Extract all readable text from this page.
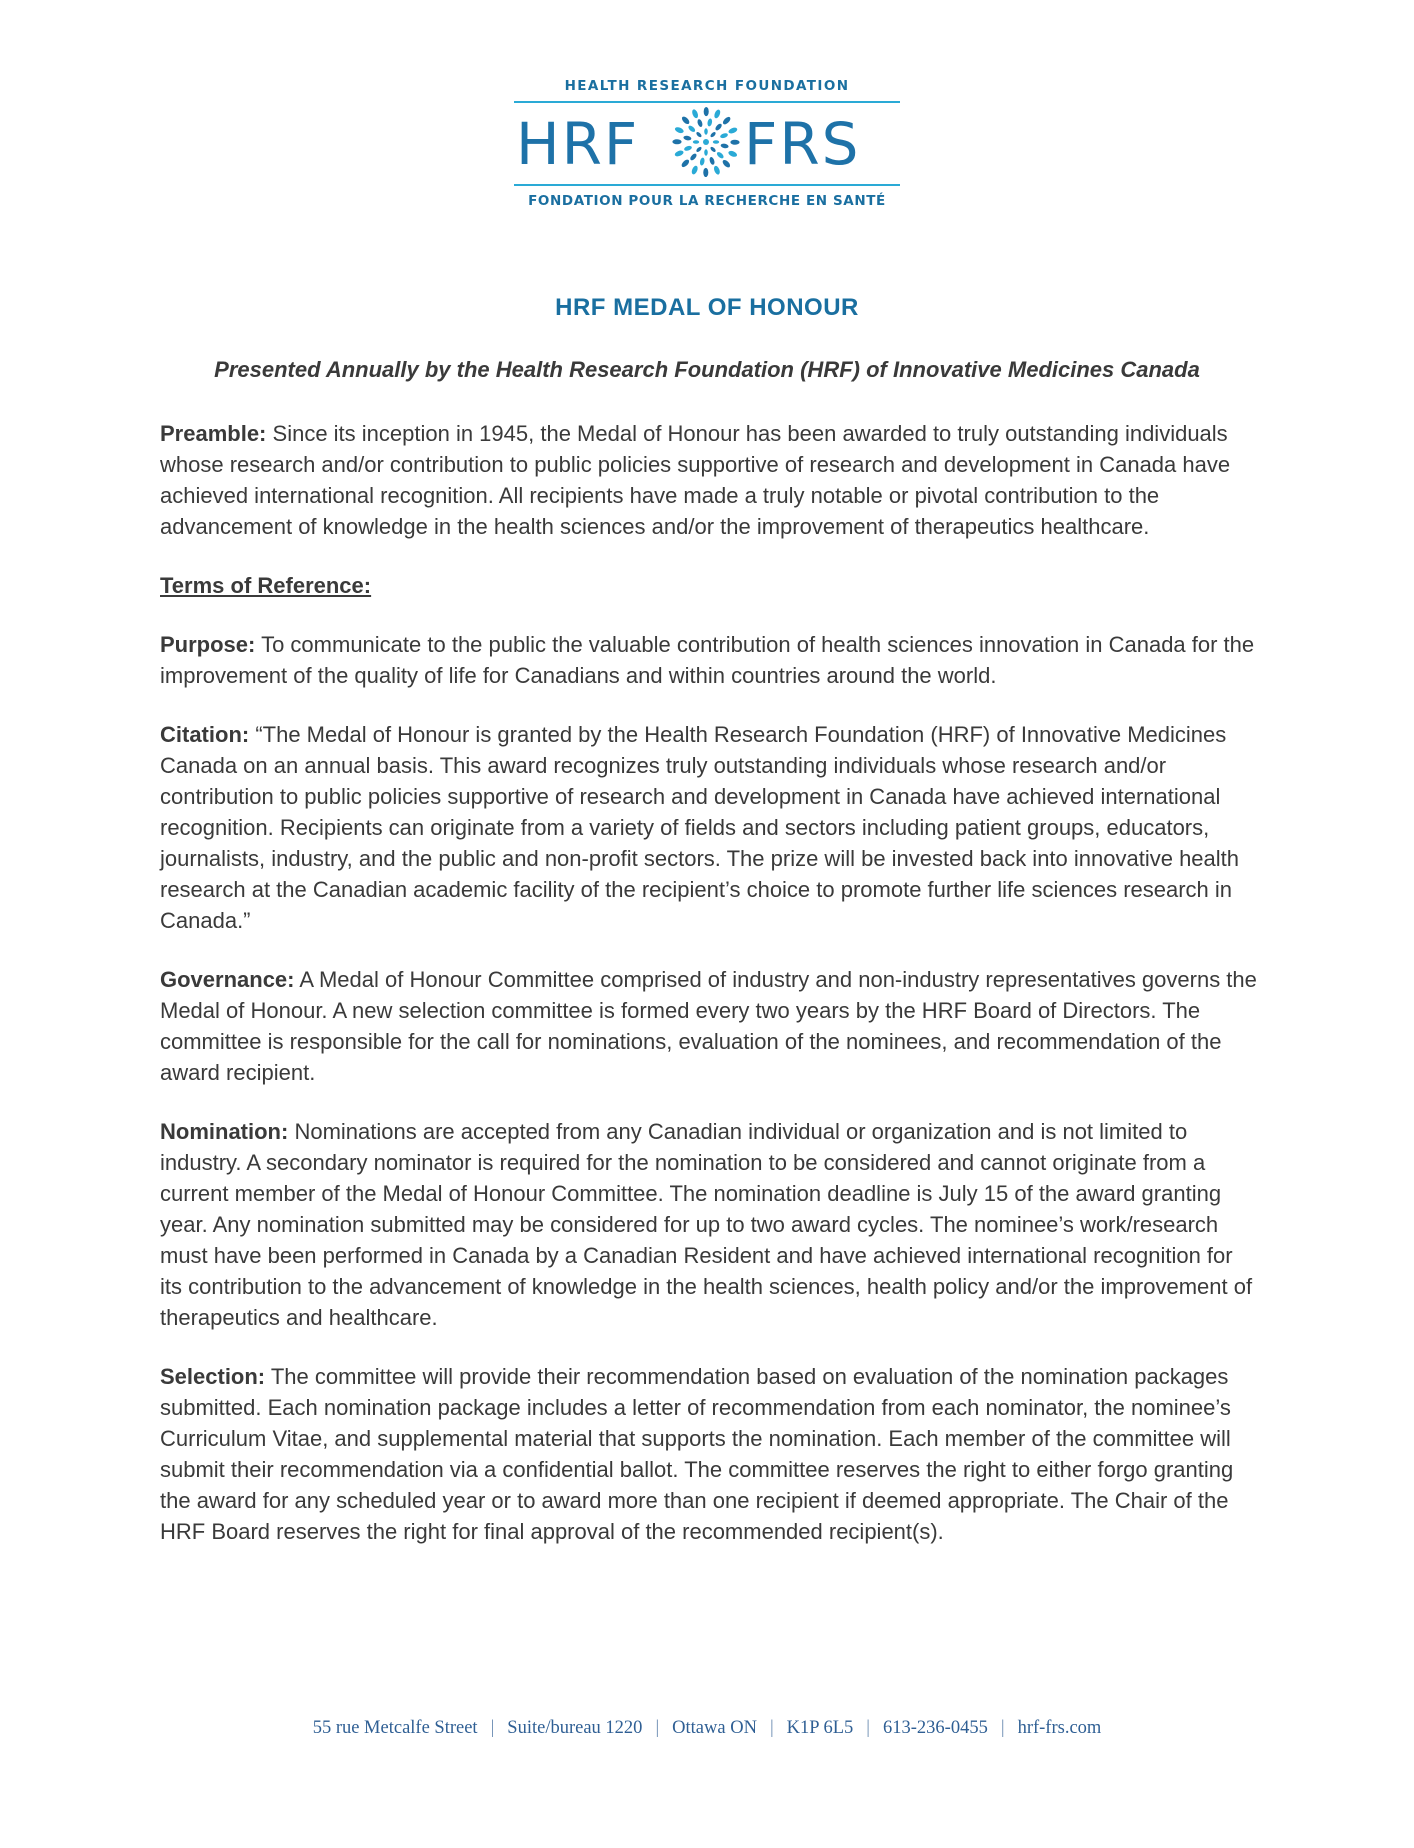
HEALTH RESEARCH FOUNDATION
HRF FRS
FONDATION POUR LA RECHERCHE EN SANTÉ
HRF MEDAL OF HONOUR
Presented Annually by the Health Research Foundation (HRF) of Innovative Medicines Canada

Preamble: Since its inception in 1945, the Medal of Honour has been awarded to truly outstanding individuals whose research and/or contribution to public policies supportive of research and development in Canada have achieved international recognition. All recipients have made a truly notable or pivotal contribution to the advancement of knowledge in the health sciences and/or the improvement of therapeutics healthcare.

Terms of Reference:

Purpose: To communicate to the public the valuable contribution of health sciences innovation in Canada for the improvement of the quality of life for Canadians and within countries around the world.

Citation: “The Medal of Honour is granted by the Health Research Foundation (HRF) of Innovative Medicines Canada on an annual basis. This award recognizes truly outstanding individuals whose research and/or contribution to public policies supportive of research and development in Canada have achieved international recognition. Recipients can originate from a variety of fields and sectors including patient groups, educators, journalists, industry, and the public and non-profit sectors. The prize will be invested back into innovative health research at the Canadian academic facility of the recipient’s choice to promote further life sciences research in Canada.”

Governance: A Medal of Honour Committee comprised of industry and non-industry representatives governs the Medal of Honour. A new selection committee is formed every two years by the HRF Board of Directors. The committee is responsible for the call for nominations, evaluation of the nominees, and recommendation of the award recipient.

Nomination: Nominations are accepted from any Canadian individual or organization and is not limited to industry. A secondary nominator is required for the nomination to be considered and cannot originate from a current member of the Medal of Honour Committee. The nomination deadline is July 15 of the award granting year. Any nomination submitted may be considered for up to two award cycles. The nominee’s work/research must have been performed in Canada by a Canadian Resident and have achieved international recognition for its contribution to the advancement of knowledge in the health sciences, health policy and/or the improvement of therapeutics and healthcare.

Selection: The committee will provide their recommendation based on evaluation of the nomination packages submitted. Each nomination package includes a letter of recommendation from each nominator, the nominee’s Curriculum Vitae, and supplemental material that supports the nomination. Each member of the committee will submit their recommendation via a confidential ballot. The committee reserves the right to either forgo granting the award for any scheduled year or to award more than one recipient if deemed appropriate. The Chair of the HRF Board reserves the right for final approval of the recommended recipient(s).

55 rue Metcalfe Street | Suite/bureau 1220 | Ottawa ON | K1P 6L5 | 613-236-0455 | hrf-frs.com
